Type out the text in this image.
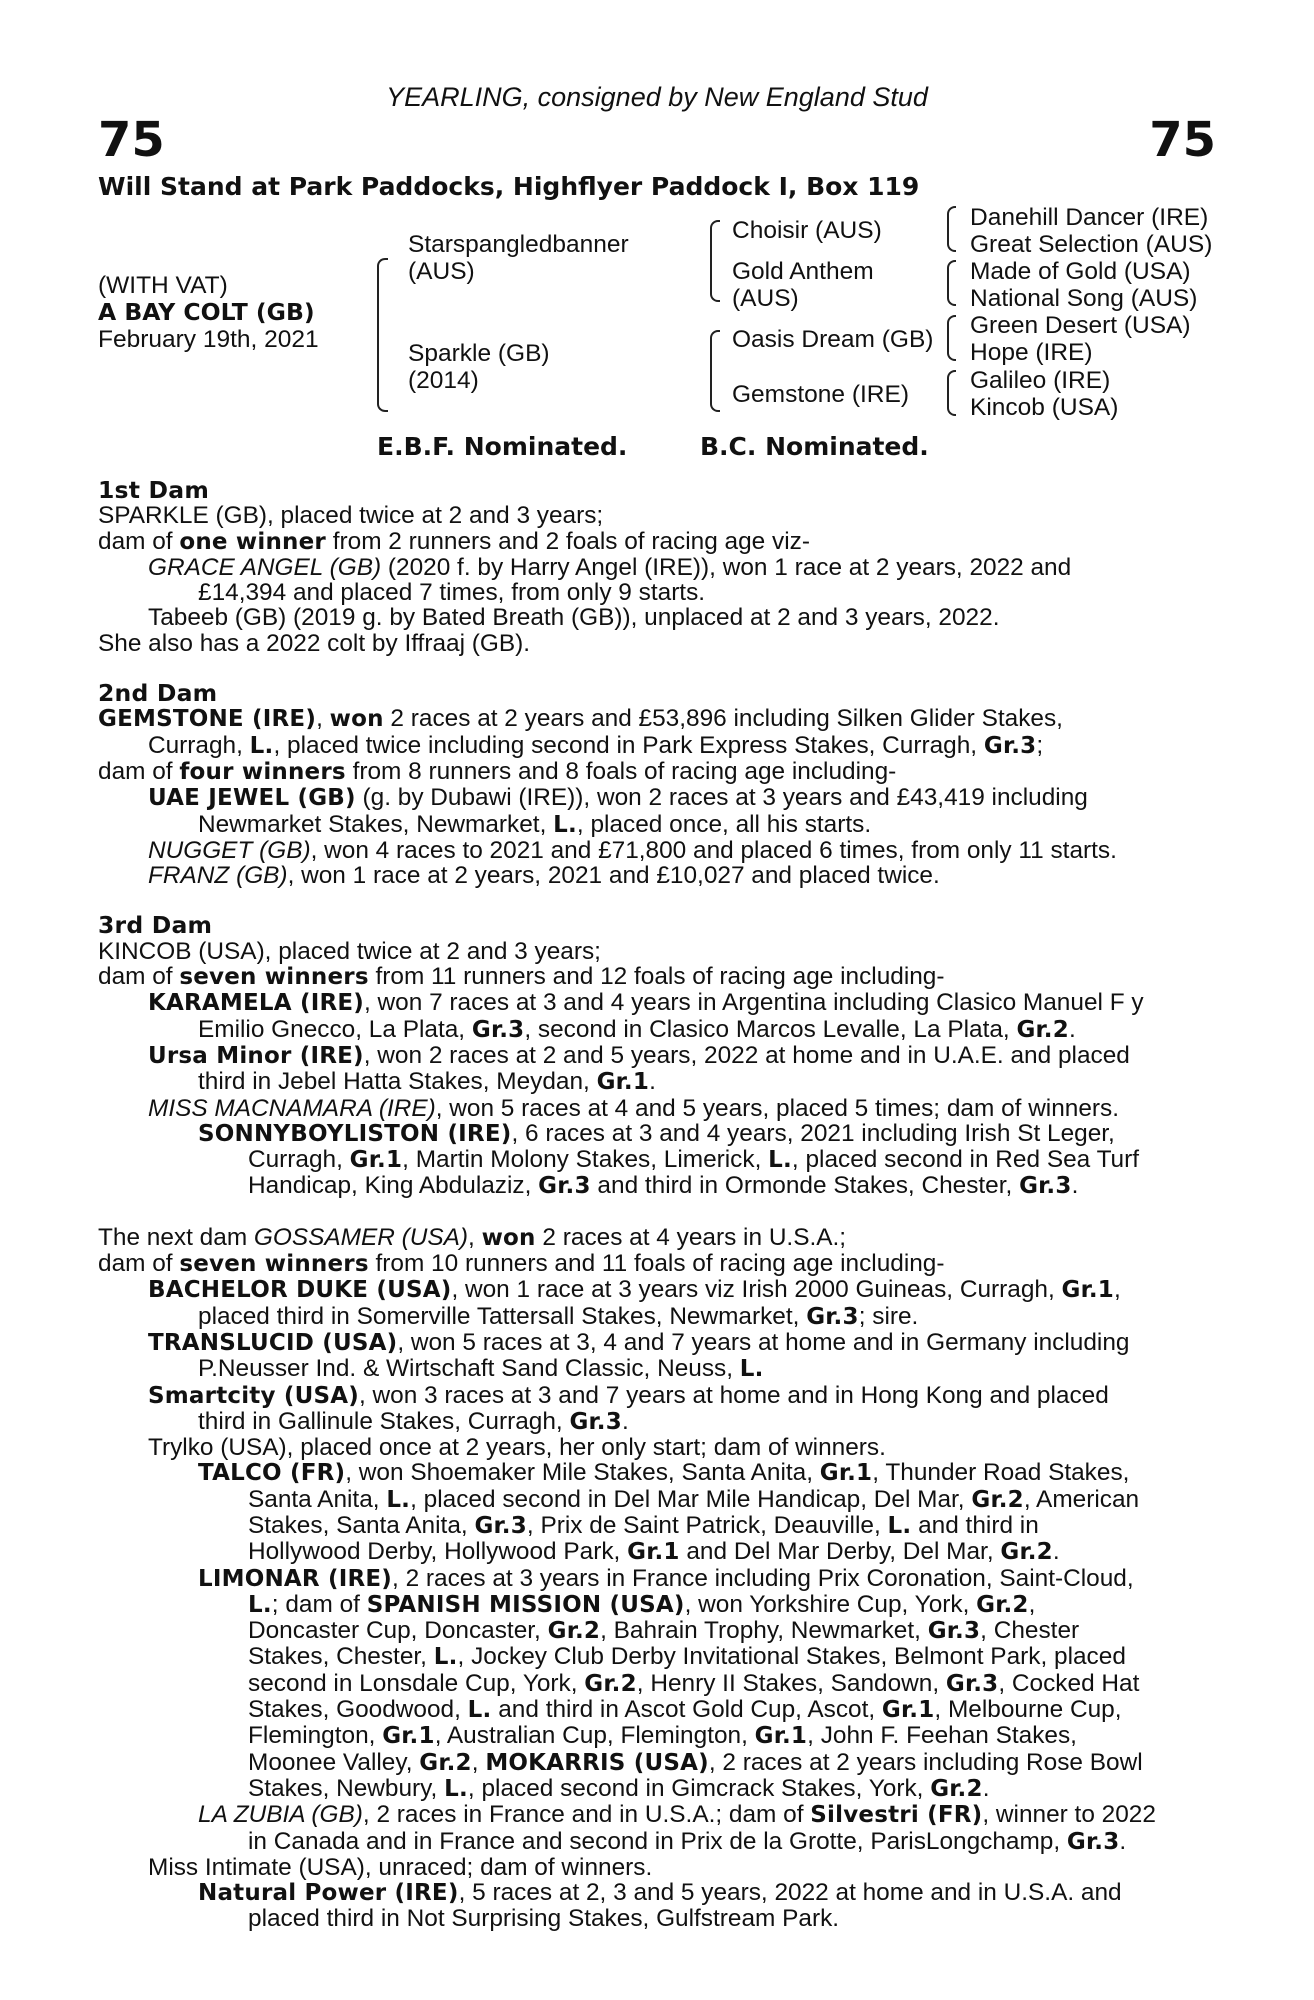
YEARLING, consigned by New England Stud
75	75
Will Stand at Park Paddocks, Highflyer Paddock I, Box 119
(WITH VAT)
A BAY COLT (GB)
February 19th, 2021
Starspangledbanner
(AUS)
Sparkle (GB)
(2014)
Choisir (AUS)
Gold Anthem
(AUS)
Oasis Dream (GB)
Gemstone (IRE)
Danehill Dancer (IRE)
Great Selection (AUS)
Made of Gold (USA)
National Song (AUS)
Green Desert (USA)
Hope (IRE)
Galileo (IRE)
Kincob (USA)
E.B.F. Nominated.	B.C. Nominated.
1st Dam
SPARKLE (GB), placed twice at 2 and 3 years;
dam of one winner from 2 runners and 2 foals of racing age viz-
GRACE ANGEL (GB) (2020 f. by Harry Angel (IRE)), won 1 race at 2 years, 2022 and
£14,394 and placed 7 times, from only 9 starts.
Tabeeb (GB) (2019 g. by Bated Breath (GB)), unplaced at 2 and 3 years, 2022.
She also has a 2022 colt by Iffraaj (GB).
2nd Dam
GEMSTONE (IRE), won 2 races at 2 years and £53,896 including Silken Glider Stakes,
Curragh, L., placed twice including second in Park Express Stakes, Curragh, Gr.3;
dam of four winners from 8 runners and 8 foals of racing age including-
UAE JEWEL (GB) (g. by Dubawi (IRE)), won 2 races at 3 years and £43,419 including
Newmarket Stakes, Newmarket, L., placed once, all his starts.
NUGGET (GB), won 4 races to 2021 and £71,800 and placed 6 times, from only 11 starts.
FRANZ (GB), won 1 race at 2 years, 2021 and £10,027 and placed twice.
3rd Dam
KINCOB (USA), placed twice at 2 and 3 years;
dam of seven winners from 11 runners and 12 foals of racing age including-
KARAMELA (IRE), won 7 races at 3 and 4 years in Argentina including Clasico Manuel F y
Emilio Gnecco, La Plata, Gr.3, second in Clasico Marcos Levalle, La Plata, Gr.2.
Ursa Minor (IRE), won 2 races at 2 and 5 years, 2022 at home and in U.A.E. and placed
third in Jebel Hatta Stakes, Meydan, Gr.1.
MISS MACNAMARA (IRE), won 5 races at 4 and 5 years, placed 5 times; dam of winners.
SONNYBOYLISTON (IRE), 6 races at 3 and 4 years, 2021 including Irish St Leger,
Curragh, Gr.1, Martin Molony Stakes, Limerick, L., placed second in Red Sea Turf
Handicap, King Abdulaziz, Gr.3 and third in Ormonde Stakes, Chester, Gr.3.
The next dam GOSSAMER (USA), won 2 races at 4 years in U.S.A.;
dam of seven winners from 10 runners and 11 foals of racing age including-
BACHELOR DUKE (USA), won 1 race at 3 years viz Irish 2000 Guineas, Curragh, Gr.1,
placed third in Somerville Tattersall Stakes, Newmarket, Gr.3; sire.
TRANSLUCID (USA), won 5 races at 3, 4 and 7 years at home and in Germany including
P.Neusser Ind. & Wirtschaft Sand Classic, Neuss, L.
Smartcity (USA), won 3 races at 3 and 7 years at home and in Hong Kong and placed
third in Gallinule Stakes, Curragh, Gr.3.
Trylko (USA), placed once at 2 years, her only start; dam of winners.
TALCO (FR), won Shoemaker Mile Stakes, Santa Anita, Gr.1, Thunder Road Stakes,
Santa Anita, L., placed second in Del Mar Mile Handicap, Del Mar, Gr.2, American
Stakes, Santa Anita, Gr.3, Prix de Saint Patrick, Deauville, L. and third in
Hollywood Derby, Hollywood Park, Gr.1 and Del Mar Derby, Del Mar, Gr.2.
LIMONAR (IRE), 2 races at 3 years in France including Prix Coronation, Saint-Cloud,
L.; dam of SPANISH MISSION (USA), won Yorkshire Cup, York, Gr.2,
Doncaster Cup, Doncaster, Gr.2, Bahrain Trophy, Newmarket, Gr.3, Chester
Stakes, Chester, L., Jockey Club Derby Invitational Stakes, Belmont Park, placed
second in Lonsdale Cup, York, Gr.2, Henry II Stakes, Sandown, Gr.3, Cocked Hat
Stakes, Goodwood, L. and third in Ascot Gold Cup, Ascot, Gr.1, Melbourne Cup,
Flemington, Gr.1, Australian Cup, Flemington, Gr.1, John F. Feehan Stakes,
Moonee Valley, Gr.2, MOKARRIS (USA), 2 races at 2 years including Rose Bowl
Stakes, Newbury, L., placed second in Gimcrack Stakes, York, Gr.2.
LA ZUBIA (GB), 2 races in France and in U.S.A.; dam of Silvestri (FR), winner to 2022
in Canada and in France and second in Prix de la Grotte, ParisLongchamp, Gr.3.
Miss Intimate (USA), unraced; dam of winners.
Natural Power (IRE), 5 races at 2, 3 and 5 years, 2022 at home and in U.S.A. and
placed third in Not Surprising Stakes, Gulfstream Park.
